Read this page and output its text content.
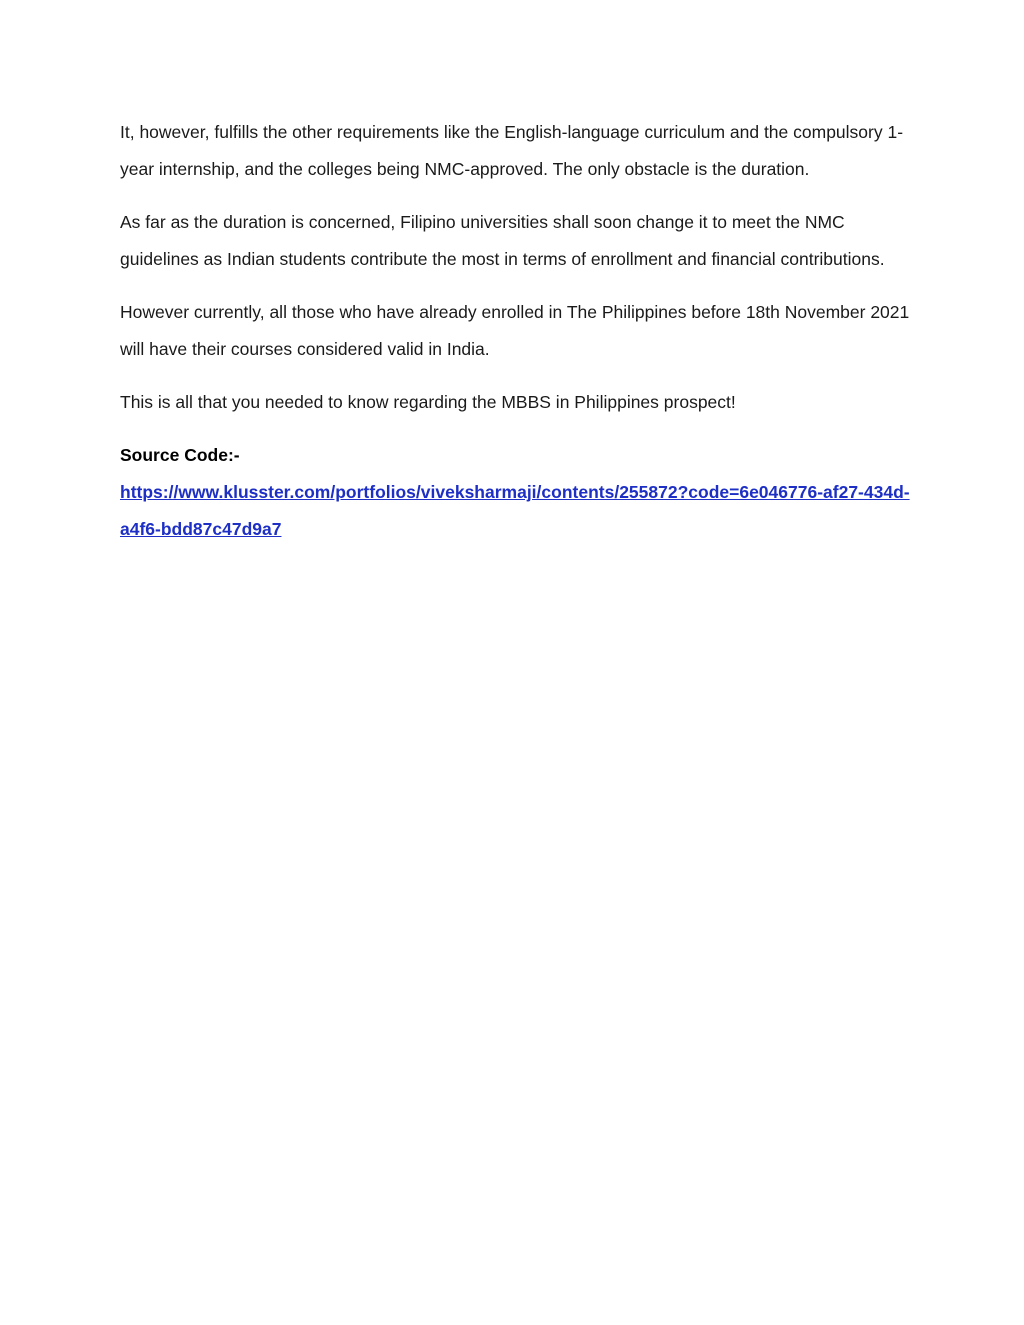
It, however, fulfills the other requirements like the English-language curriculum and the compulsory 1-year internship, and the colleges being NMC-approved. The only obstacle is the duration.

As far as the duration is concerned, Filipino universities shall soon change it to meet the NMC guidelines as Indian students contribute the most in terms of enrollment and financial contributions.

However currently, all those who have already enrolled in The Philippines before 18th November 2021 will have their courses considered valid in India.

This is all that you needed to know regarding the MBBS in Philippines prospect!

Source Code:-
https://www.klusster.com/portfolios/viveksharmaji/contents/255872?code=6e046776-af27-434d-a4f6-bdd87c47d9a7
